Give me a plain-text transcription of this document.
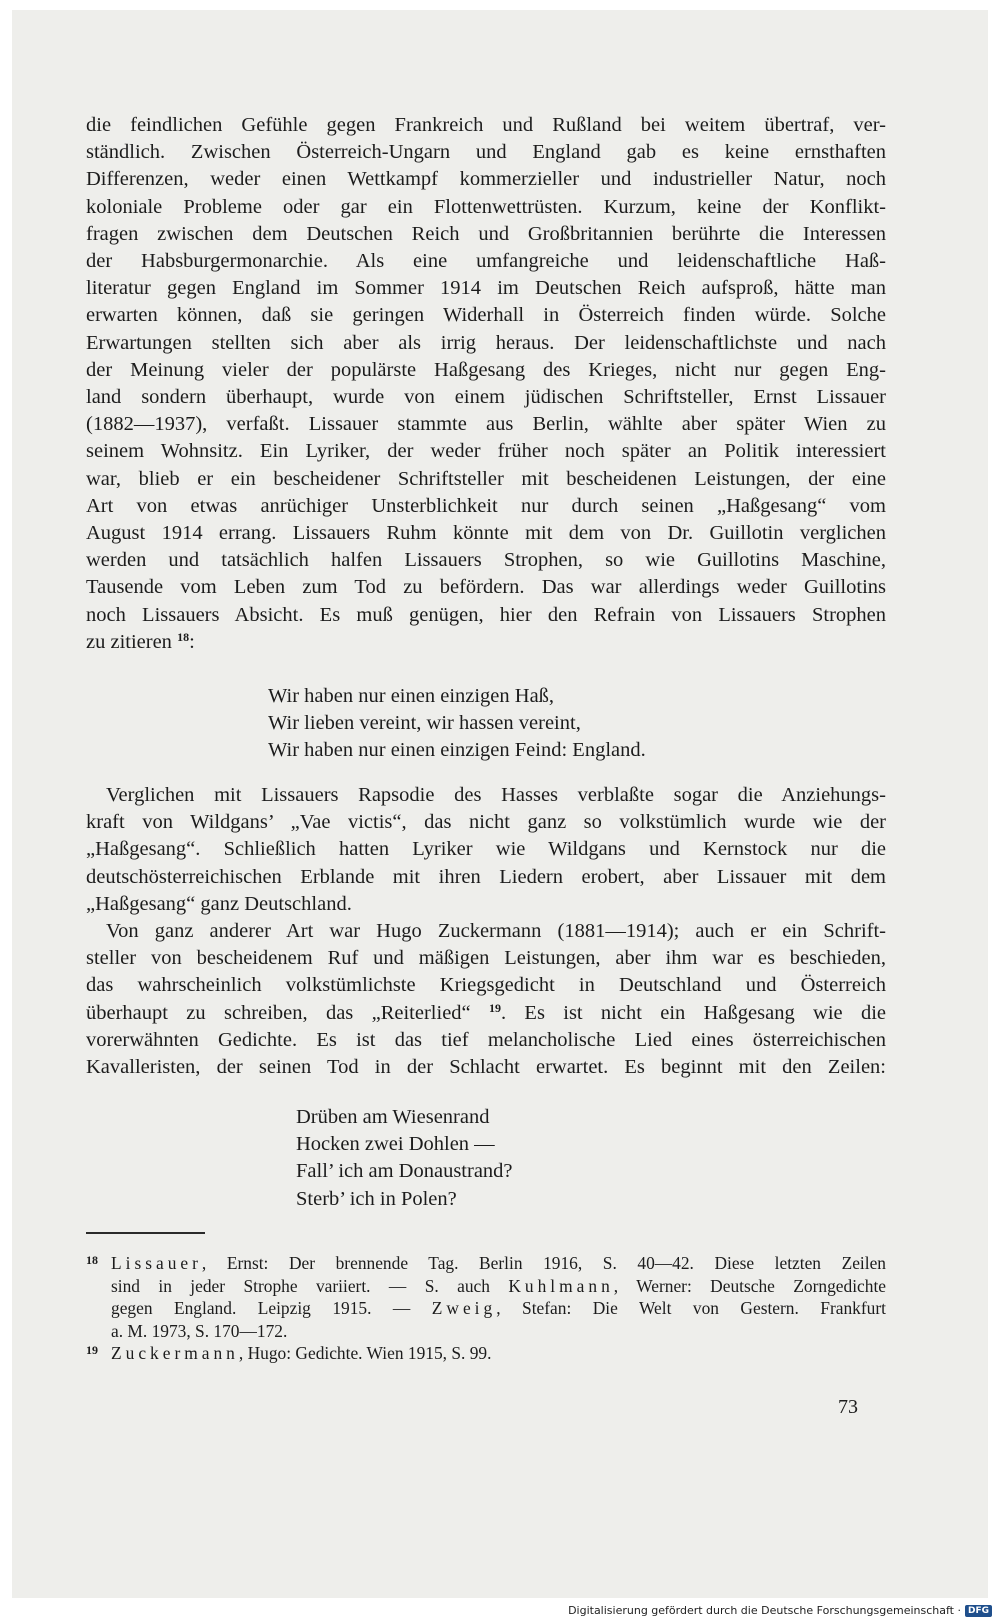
die feindlichen Gefühle gegen Frankreich und Rußland bei weitem übertraf, ver-
ständlich. Zwischen Österreich-Ungarn und England gab es keine ernsthaften
Differenzen, weder einen Wettkampf kommerzieller und industrieller Natur, noch
koloniale Probleme oder gar ein Flottenwettrüsten. Kurzum, keine der Konflikt-
fragen zwischen dem Deutschen Reich und Großbritannien berührte die Interessen
der Habsburgermonarchie. Als eine umfangreiche und leidenschaftliche Haß-
literatur gegen England im Sommer 1914 im Deutschen Reich aufsproß, hätte man
erwarten können, daß sie geringen Widerhall in Österreich finden würde. Solche
Erwartungen stellten sich aber als irrig heraus. Der leidenschaftlichste und nach
der Meinung vieler der populärste Haßgesang des Krieges, nicht nur gegen Eng-
land sondern überhaupt, wurde von einem jüdischen Schriftsteller, Ernst Lissauer
(1882—1937), verfaßt. Lissauer stammte aus Berlin, wählte aber später Wien zu
seinem Wohnsitz. Ein Lyriker, der weder früher noch später an Politik interessiert
war, blieb er ein bescheidener Schriftsteller mit bescheidenen Leistungen, der eine
Art von etwas anrüchiger Unsterblichkeit nur durch seinen „Haßgesang“ vom
August 1914 errang. Lissauers Ruhm könnte mit dem von Dr. Guillotin verglichen
werden und tatsächlich halfen Lissauers Strophen, so wie Guillotins Maschine,
Tausende vom Leben zum Tod zu befördern. Das war allerdings weder Guillotins
noch Lissauers Absicht. Es muß genügen, hier den Refrain von Lissauers Strophen
zu zitieren $^{18}$:
Wir haben nur einen einzigen Haß,
Wir lieben vereint, wir hassen vereint,
Wir haben nur einen einzigen Feind: England.
Verglichen mit Lissauers Rapsodie des Hasses verblaßte sogar die Anziehungs-
kraft von Wildgans’ „Vae victis“, das nicht ganz so volkstümlich wurde wie der
„Haßgesang“. Schließlich hatten Lyriker wie Wildgans und Kernstock nur die
deutschösterreichischen Erblande mit ihren Liedern erobert, aber Lissauer mit dem
„Haßgesang“ ganz Deutschland.
Von ganz anderer Art war Hugo Zuckermann (1881—1914); auch er ein Schrift-
steller von bescheidenem Ruf und mäßigen Leistungen, aber ihm war es beschieden,
das wahrscheinlich volkstümlichste Kriegsgedicht in Deutschland und Österreich
überhaupt zu schreiben, das „Reiterlied“ $^{19}$. Es ist nicht ein Haßgesang wie die
vorerwähnten Gedichte. Es ist das tief melancholische Lied eines österreichischen
Kavalleristen, der seinen Tod in der Schlacht erwartet. Es beginnt mit den Zeilen:
Drüben am Wiesenrand
Hocken zwei Dohlen —
Fall’ ich am Donaustrand?
Sterb’ ich in Polen?
18 Lissauer, Ernst: Der brennende Tag. Berlin 1916, S. 40—42. Diese letzten Zeilen
sind in jeder Strophe variiert. — S. auch Kuhlmann, Werner: Deutsche Zorngedichte
gegen England. Leipzig 1915. — Zweig, Stefan: Die Welt von Gestern. Frankfurt
a. M. 1973, S. 170—172.
19 Zuckermann, Hugo: Gedichte. Wien 1915, S. 99.
73
Digitalisierung gefördert durch die Deutsche Forschungsgemeinschaft · DFG
